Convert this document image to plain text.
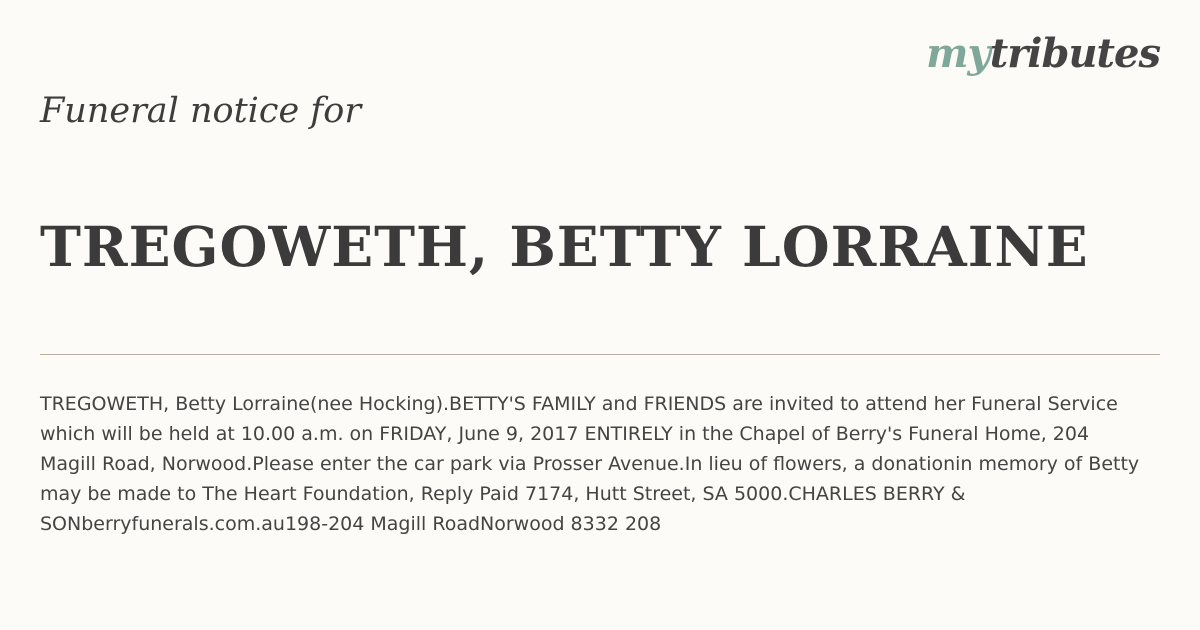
mytributes
Funeral notice for
TREGOWETH, BETTY LORRAINE
TREGOWETH, Betty Lorraine(nee Hocking).BETTY'S FAMILY and FRIENDS are invited to attend her Funeral Service which will be held at 10.00 a.m. on FRIDAY, June 9, 2017 ENTIRELY in the Chapel of Berry's Funeral Home, 204 Magill Road, Norwood.Please enter the car park via Prosser Avenue.In lieu of flowers, a donationin memory of Betty may be made to The Heart Foundation, Reply Paid 7174, Hutt Street, SA 5000.CHARLES BERRY & SONberryfunerals.com.au198-204 Magill RoadNorwood 8332 208
